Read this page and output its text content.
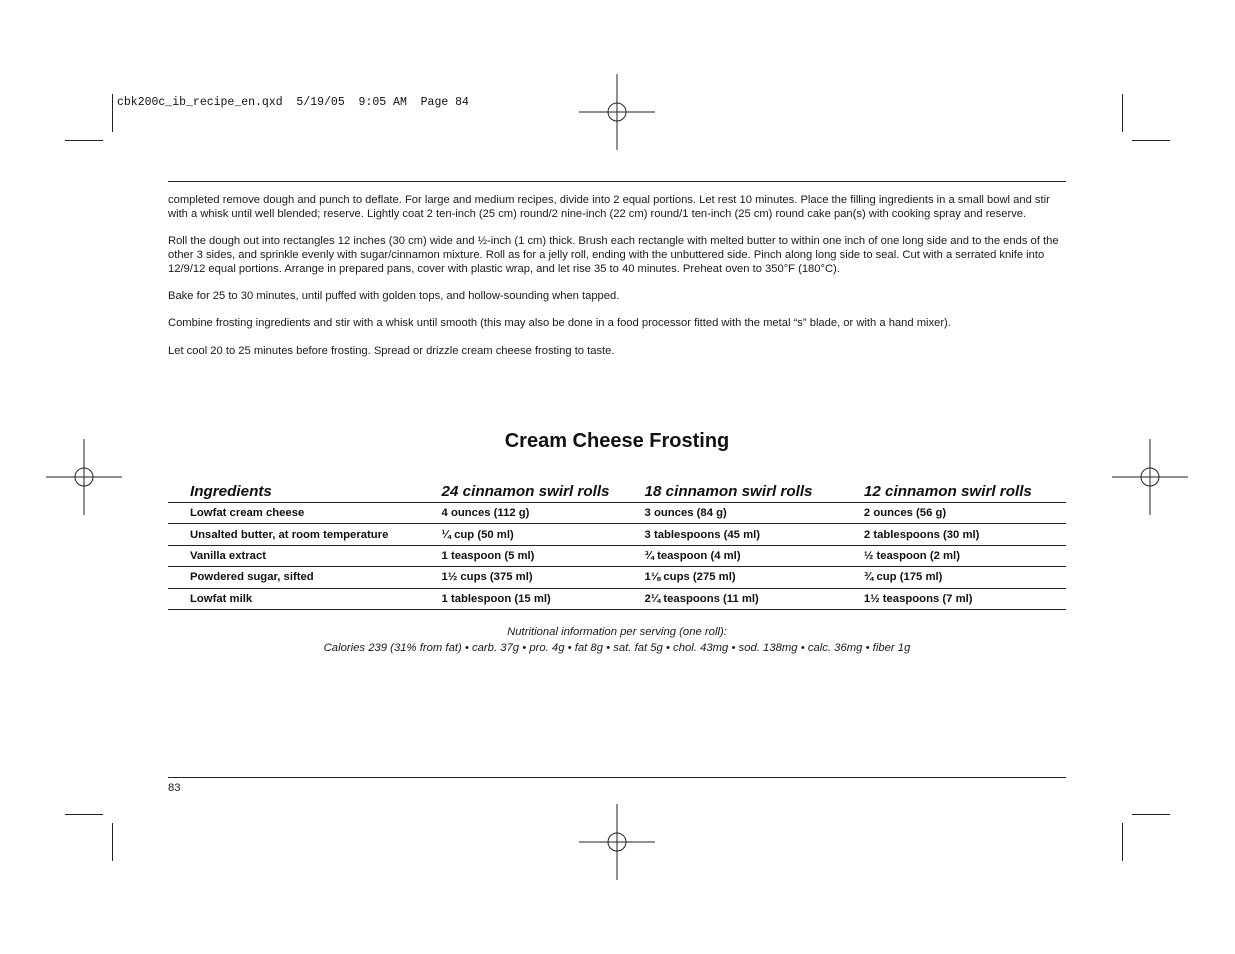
cbk200c_ib_recipe_en.qxd  5/19/05  9:05 AM  Page 84

completed remove dough and punch to deflate. For large and medium recipes, divide into 2 equal portions. Let rest 10 minutes. Place the filling ingredients in a small bowl and stir with a whisk until well blended; reserve. Lightly coat 2 ten-inch (25 cm) round/2 nine-inch (22 cm) round/1 ten-inch (25 cm) round cake pan(s) with cooking spray and reserve.

Roll the dough out into rectangles 12 inches (30 cm) wide and ½-inch (1 cm) thick. Brush each rectangle with melted butter to within one inch of one long side and to the ends of the other 3 sides, and sprinkle evenly with sugar/cinnamon mixture. Roll as for a jelly roll, ending with the unbuttered side. Pinch along long side to seal. Cut with a serrated knife into 12/9/12 equal portions. Arrange in prepared pans, cover with plastic wrap, and let rise 35 to 40 minutes. Preheat oven to 350°F (180°C).

Bake for 25 to 30 minutes, until puffed with golden tops, and hollow-sounding when tapped.

Combine frosting ingredients and stir with a whisk until smooth (this may also be done in a food processor fitted with the metal “s” blade, or with a hand mixer).

Let cool 20 to 25 minutes before frosting. Spread or drizzle cream cheese frosting to taste.

Cream Cheese Frosting
Ingredients	24 cinnamon swirl rolls	18 cinnamon swirl rolls	12 cinnamon swirl rolls
Lowfat cream cheese	4 ounces (112 g)	3 ounces (84 g)	2 ounces (56 g)
Unsalted butter, at room temperature	¼ cup (50 ml)	3 tablespoons (45 ml)	2 tablespoons (30 ml)
Vanilla extract	1 teaspoon (5 ml)	¾ teaspoon (4 ml)	½ teaspoon (2 ml)
Powdered sugar, sifted	1½ cups (375 ml)	1⅛ cups (275 ml)	¾ cup (175 ml)
Lowfat milk	1 tablespoon (15 ml)	2¼ teaspoons (11 ml)	1½ teaspoons (7 ml)
Nutritional information per serving (one roll):
Calories 239 (31% from fat) • carb. 37g • pro. 4g • fat 8g • sat. fat 5g • chol. 43mg • sod. 138mg • calc. 36mg • fiber 1g
83
